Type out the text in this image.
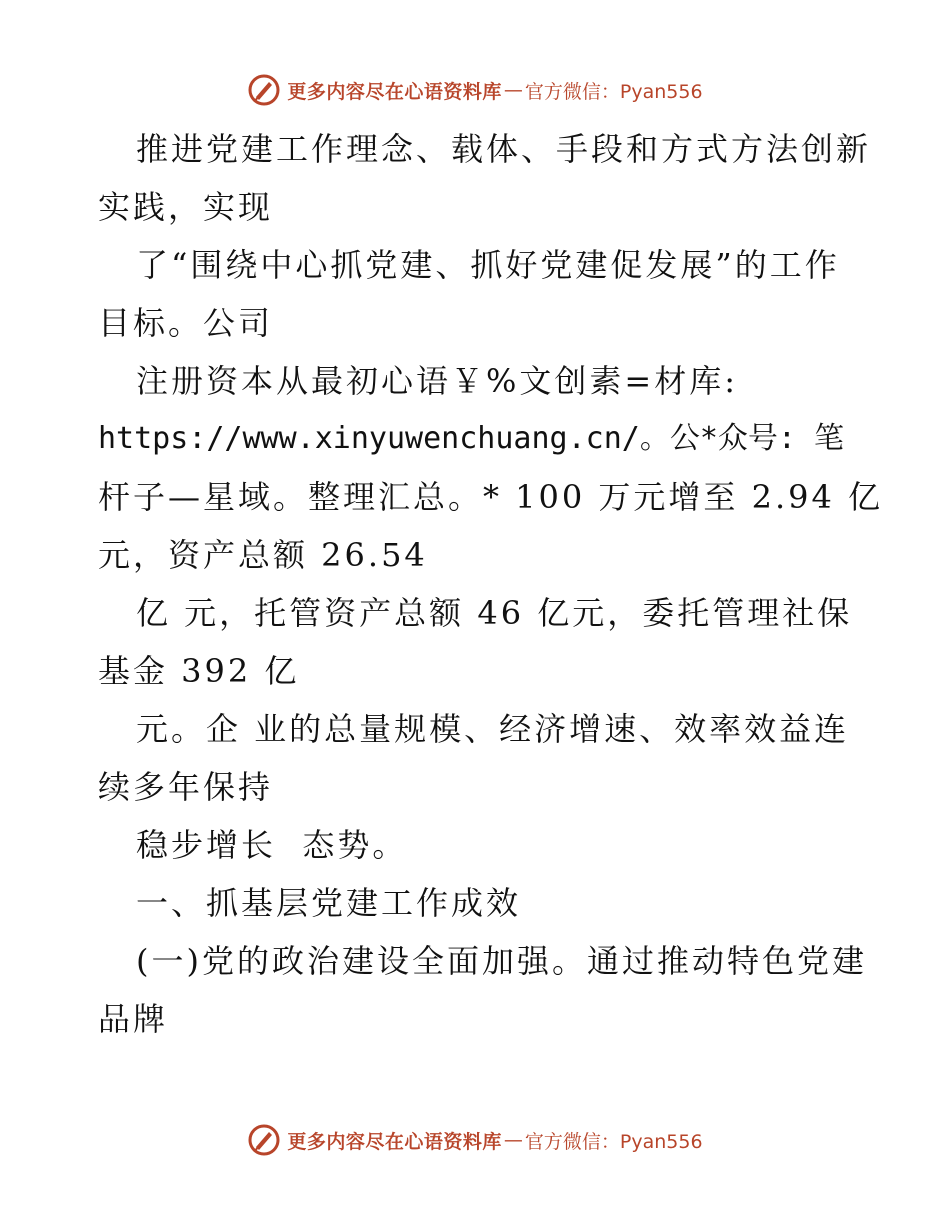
更多内容尽在心语资料库 — 官方微信：Pyan556
推进党建工作理念、载体、手段和方式方法创新
实践，实现
了“围绕中心抓党建、抓好党建促发展”的工作
目标。公司
注册资本从最初心语￥%文创素=材库:
https://www.xinyuwenchuang.cn/。公*众号: 笔
杆子—星域。整理汇总。* 100 万元增至 2.94 亿
元，资产总额 26.54
亿 元，托管资产总额 46 亿元，委托管理社保
基金 392 亿
元。企 业的总量规模、经济增速、效率效益连
续多年保持
稳步增长  态势。
一、抓基层党建工作成效
(一)党的政治建设全面加强。通过推动特色党建
品牌
更多内容尽在心语资料库 — 官方微信：Pyan556
